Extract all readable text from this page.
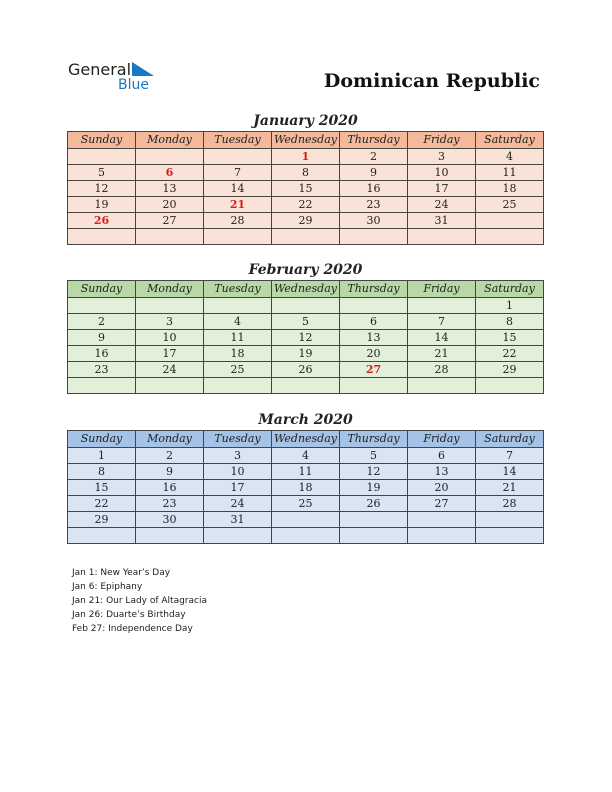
General
Blue	Dominican Republic
January 2020
Sunday	Monday	Tuesday	Wednesday	Thursday	Friday	Saturday
			1	2	3	4
5	6	7	8	9	10	11
12	13	14	15	16	17	18
19	20	21	22	23	24	25
26	27	28	29	30	31	

February 2020
Sunday	Monday	Tuesday	Wednesday	Thursday	Friday	Saturday
						1
2	3	4	5	6	7	8
9	10	11	12	13	14	15
16	17	18	19	20	21	22
23	24	25	26	27	28	29

March 2020
Sunday	Monday	Tuesday	Wednesday	Thursday	Friday	Saturday
1	2	3	4	5	6	7
8	9	10	11	12	13	14
15	16	17	18	19	20	21
22	23	24	25	26	27	28
29	30	31				

Jan 1: New Year’s Day
Jan 6: Epiphany
Jan 21: Our Lady of Altagracia
Jan 26: Duarte’s Birthday
Feb 27: Independence Day
